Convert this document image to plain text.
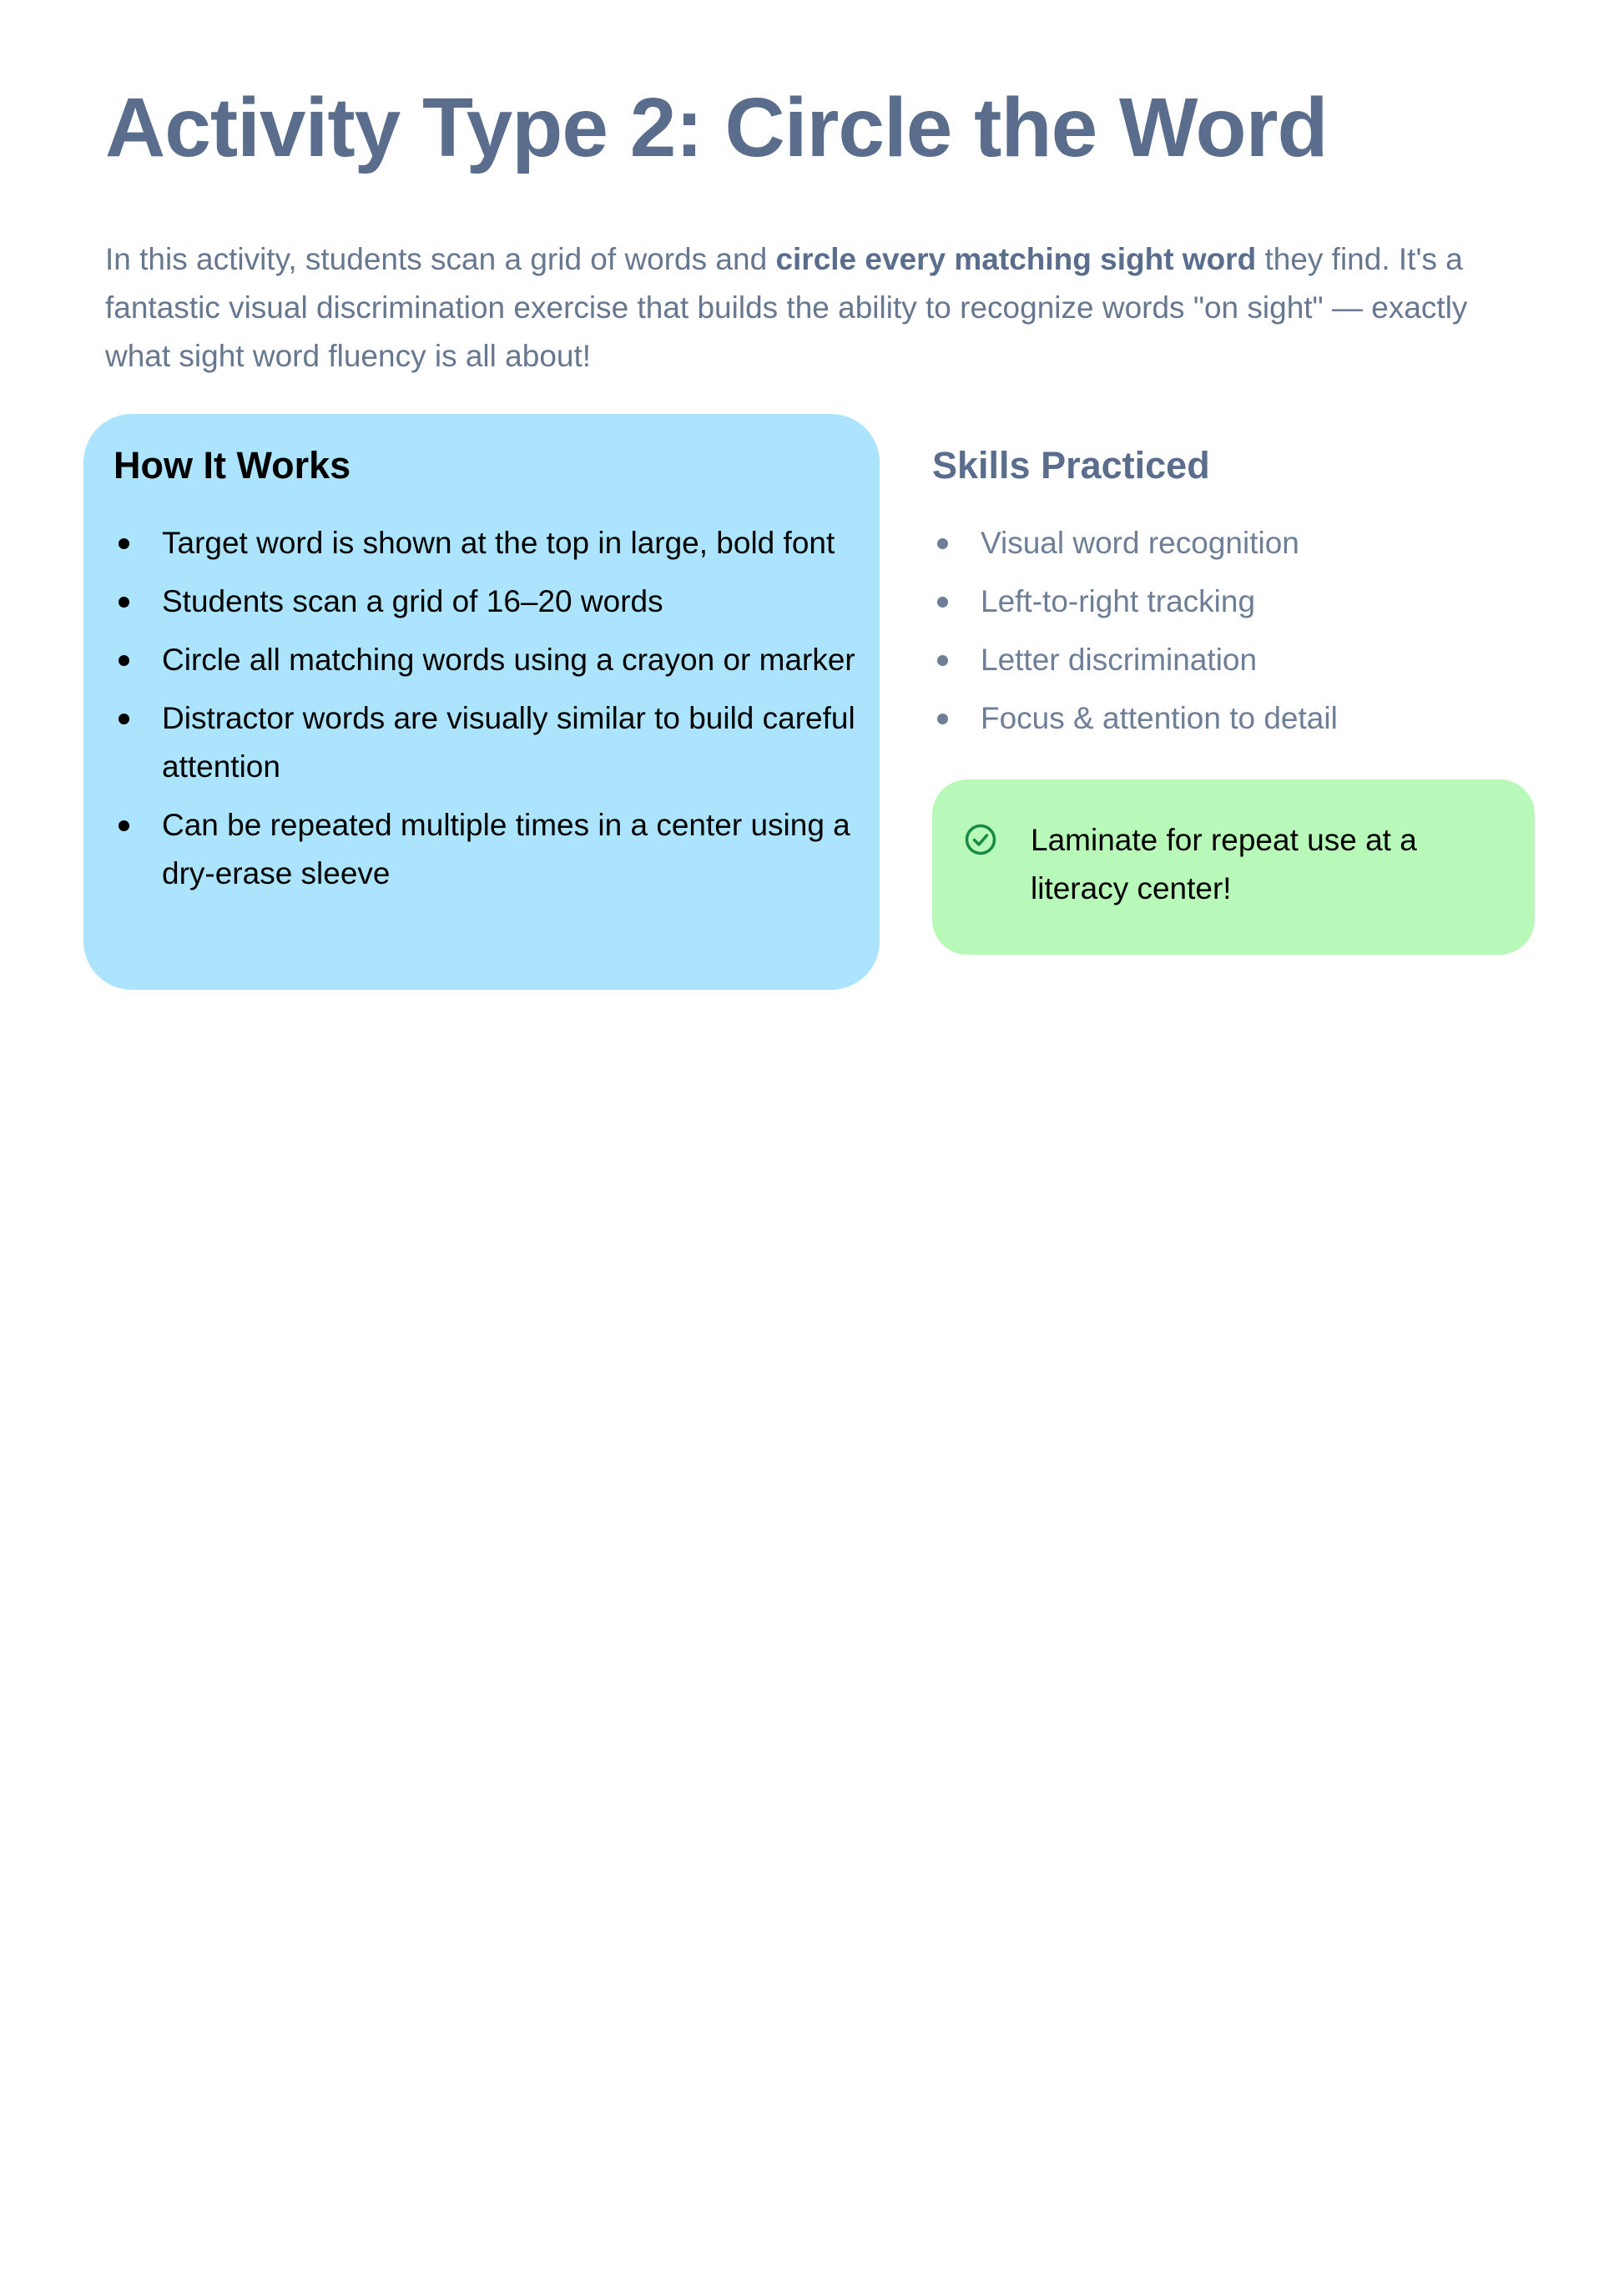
Activity Type 2: Circle the Word

In this activity, students scan a grid of words and circle every matching sight word they find. It's a fantastic visual discrimination exercise that builds the ability to recognize words "on sight" — exactly what sight word fluency is all about!

How It Works
Target word is shown at the top in large, bold font
Students scan a grid of 16–20 words
Circle all matching words using a crayon or marker
Distractor words are visually similar to build careful attention
Can be repeated multiple times in a center using a dry-erase sleeve
Skills Practiced
Visual word recognition
Left-to-right tracking
Letter discrimination
Focus & attention to detail

Laminate for repeat use at a literacy center!
